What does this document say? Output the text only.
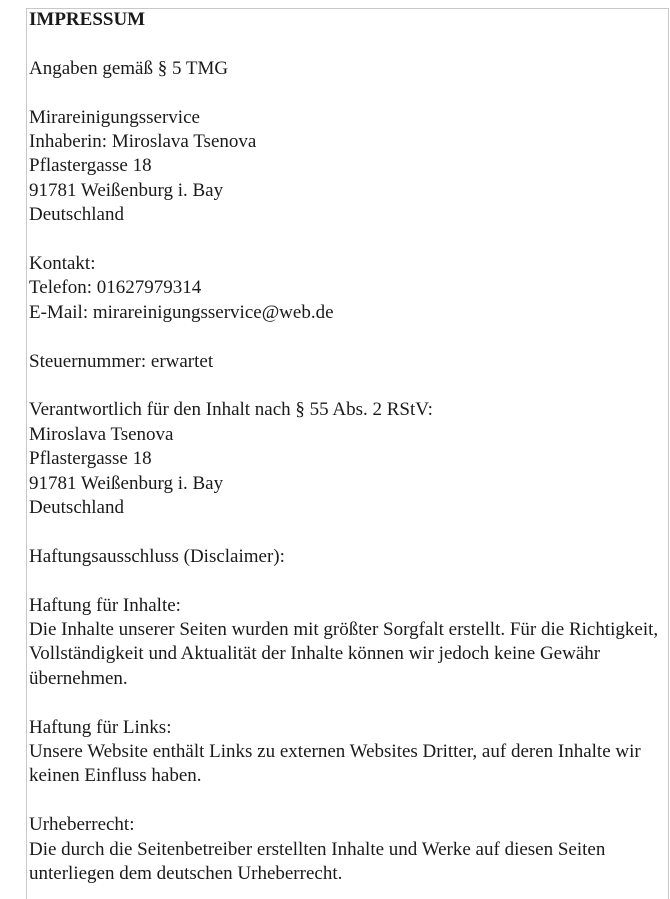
IMPRESSUM
Angaben gemäß § 5 TMG
Mirareinigungsservice
Inhaberin: Miroslava Tsenova
Pflastergasse 18
91781 Weißenburg i. Bay
Deutschland
Kontakt:
Telefon: 01627979314
E-Mail: mirareinigungsservice@web.de
Steuernummer: erwartet
Verantwortlich für den Inhalt nach § 55 Abs. 2 RStV:
Miroslava Tsenova
Pflastergasse 18
91781 Weißenburg i. Bay
Deutschland
Haftungsausschluss (Disclaimer):
Haftung für Inhalte:
Die Inhalte unserer Seiten wurden mit größter Sorgfalt erstellt. Für die Richtigkeit, Vollständigkeit und Aktualität der Inhalte können wir jedoch keine Gewähr übernehmen.
Haftung für Links:
Unsere Website enthält Links zu externen Websites Dritter, auf deren Inhalte wir keinen Einfluss haben.
Urheberrecht:
Die durch die Seitenbetreiber erstellten Inhalte und Werke auf diesen Seiten unterliegen dem deutschen Urheberrecht.
